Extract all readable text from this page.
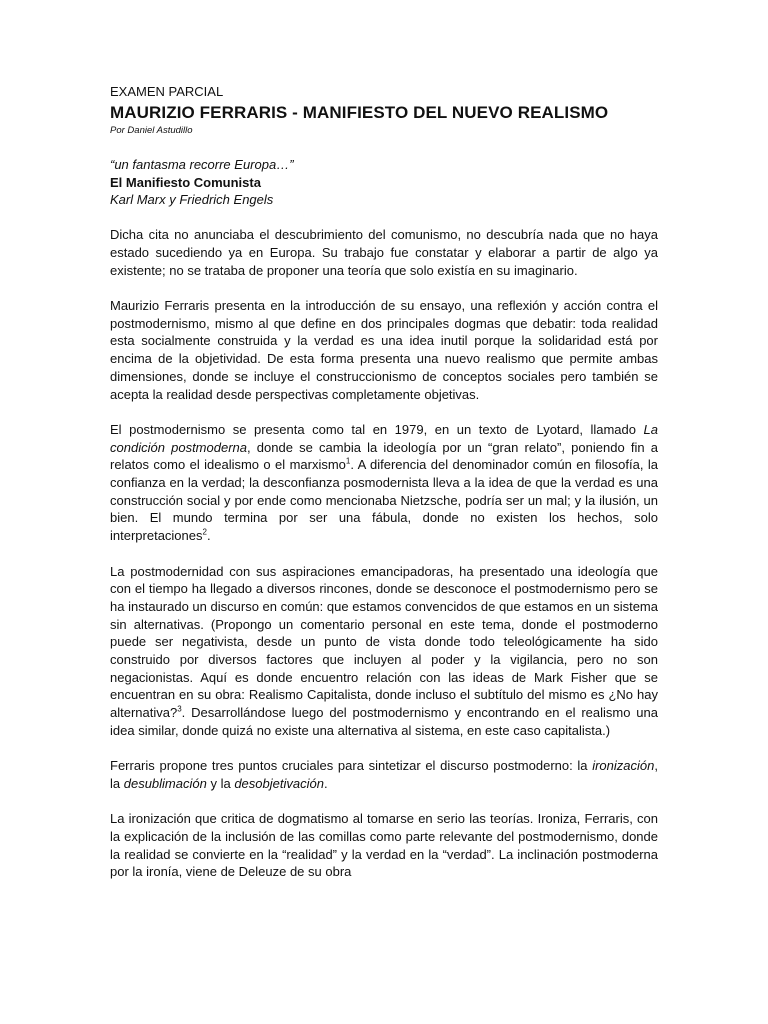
EXAMEN PARCIAL
MAURIZIO FERRARIS - MANIFIESTO DEL NUEVO REALISMO
Por Daniel Astudillo
“un fantasma recorre Europa…”
El Manifiesto Comunista
Karl Marx y Friedrich Engels

Dicha cita no anunciaba el descubrimiento del comunismo, no descubría nada que no haya estado sucediendo ya en Europa. Su trabajo fue constatar y elaborar a partir de algo ya existente; no se trataba de proponer una teoría que solo existía en su imaginario.

Maurizio Ferraris presenta en la introducción de su ensayo, una reflexión y acción contra el postmodernismo, mismo al que define en dos principales dogmas que debatir: toda realidad esta socialmente construida y la verdad es una idea inutil porque la solidaridad está por encima de la objetividad. De esta forma presenta una nuevo realismo que permite ambas dimensiones, donde se incluye el construccionismo de conceptos sociales pero también se acepta la realidad desde perspectivas completamente objetivas.

El postmodernismo se presenta como tal en 1979, en un texto de Lyotard, llamado La condición postmoderna, donde se cambia la ideología por un “gran relato”, poniendo fin a relatos como el idealismo o el marxismo$^1$. A diferencia del denominador común en filosofía, la confianza en la verdad; la desconfianza posmodernista lleva a la idea de que la verdad es una construcción social y por ende como mencionaba Nietzsche, podría ser un mal; y la ilusión, un bien. El mundo termina por ser una fábula, donde no existen los hechos, solo interpretaciones$^2$.

La postmodernidad con sus aspiraciones emancipadoras, ha presentado una ideología que con el tiempo ha llegado a diversos rincones, donde se desconoce el postmodernismo pero se ha instaurado un discurso en común: que estamos convencidos de que estamos en un sistema sin alternativas. (Propongo un comentario personal en este tema, donde el postmoderno puede ser negativista, desde un punto de vista donde todo teleológicamente ha sido construido por diversos factores que incluyen al poder y la vigilancia, pero no son negacionistas. Aquí es donde encuentro relación con las ideas de Mark Fisher que se encuentran en su obra: Realismo Capitalista, donde incluso el subtítulo del mismo es ¿No hay alternativa?$^3$. Desarrollándose luego del postmodernismo y encontrando en el realismo una idea similar, donde quizá no existe una alternativa al sistema, en este caso capitalista.)

Ferraris propone tres puntos cruciales para sintetizar el discurso postmoderno: la ironización, la desublimación y la desobjetivación.

La ironización que critica de dogmatismo al tomarse en serio las teorías. Ironiza, Ferraris, con la explicación de la inclusión de las comillas como parte relevante del postmodernismo, donde la realidad se convierte en la “realidad” y la verdad en la “verdad”. La inclinación postmoderna por la ironía, viene de Deleuze de su obra
